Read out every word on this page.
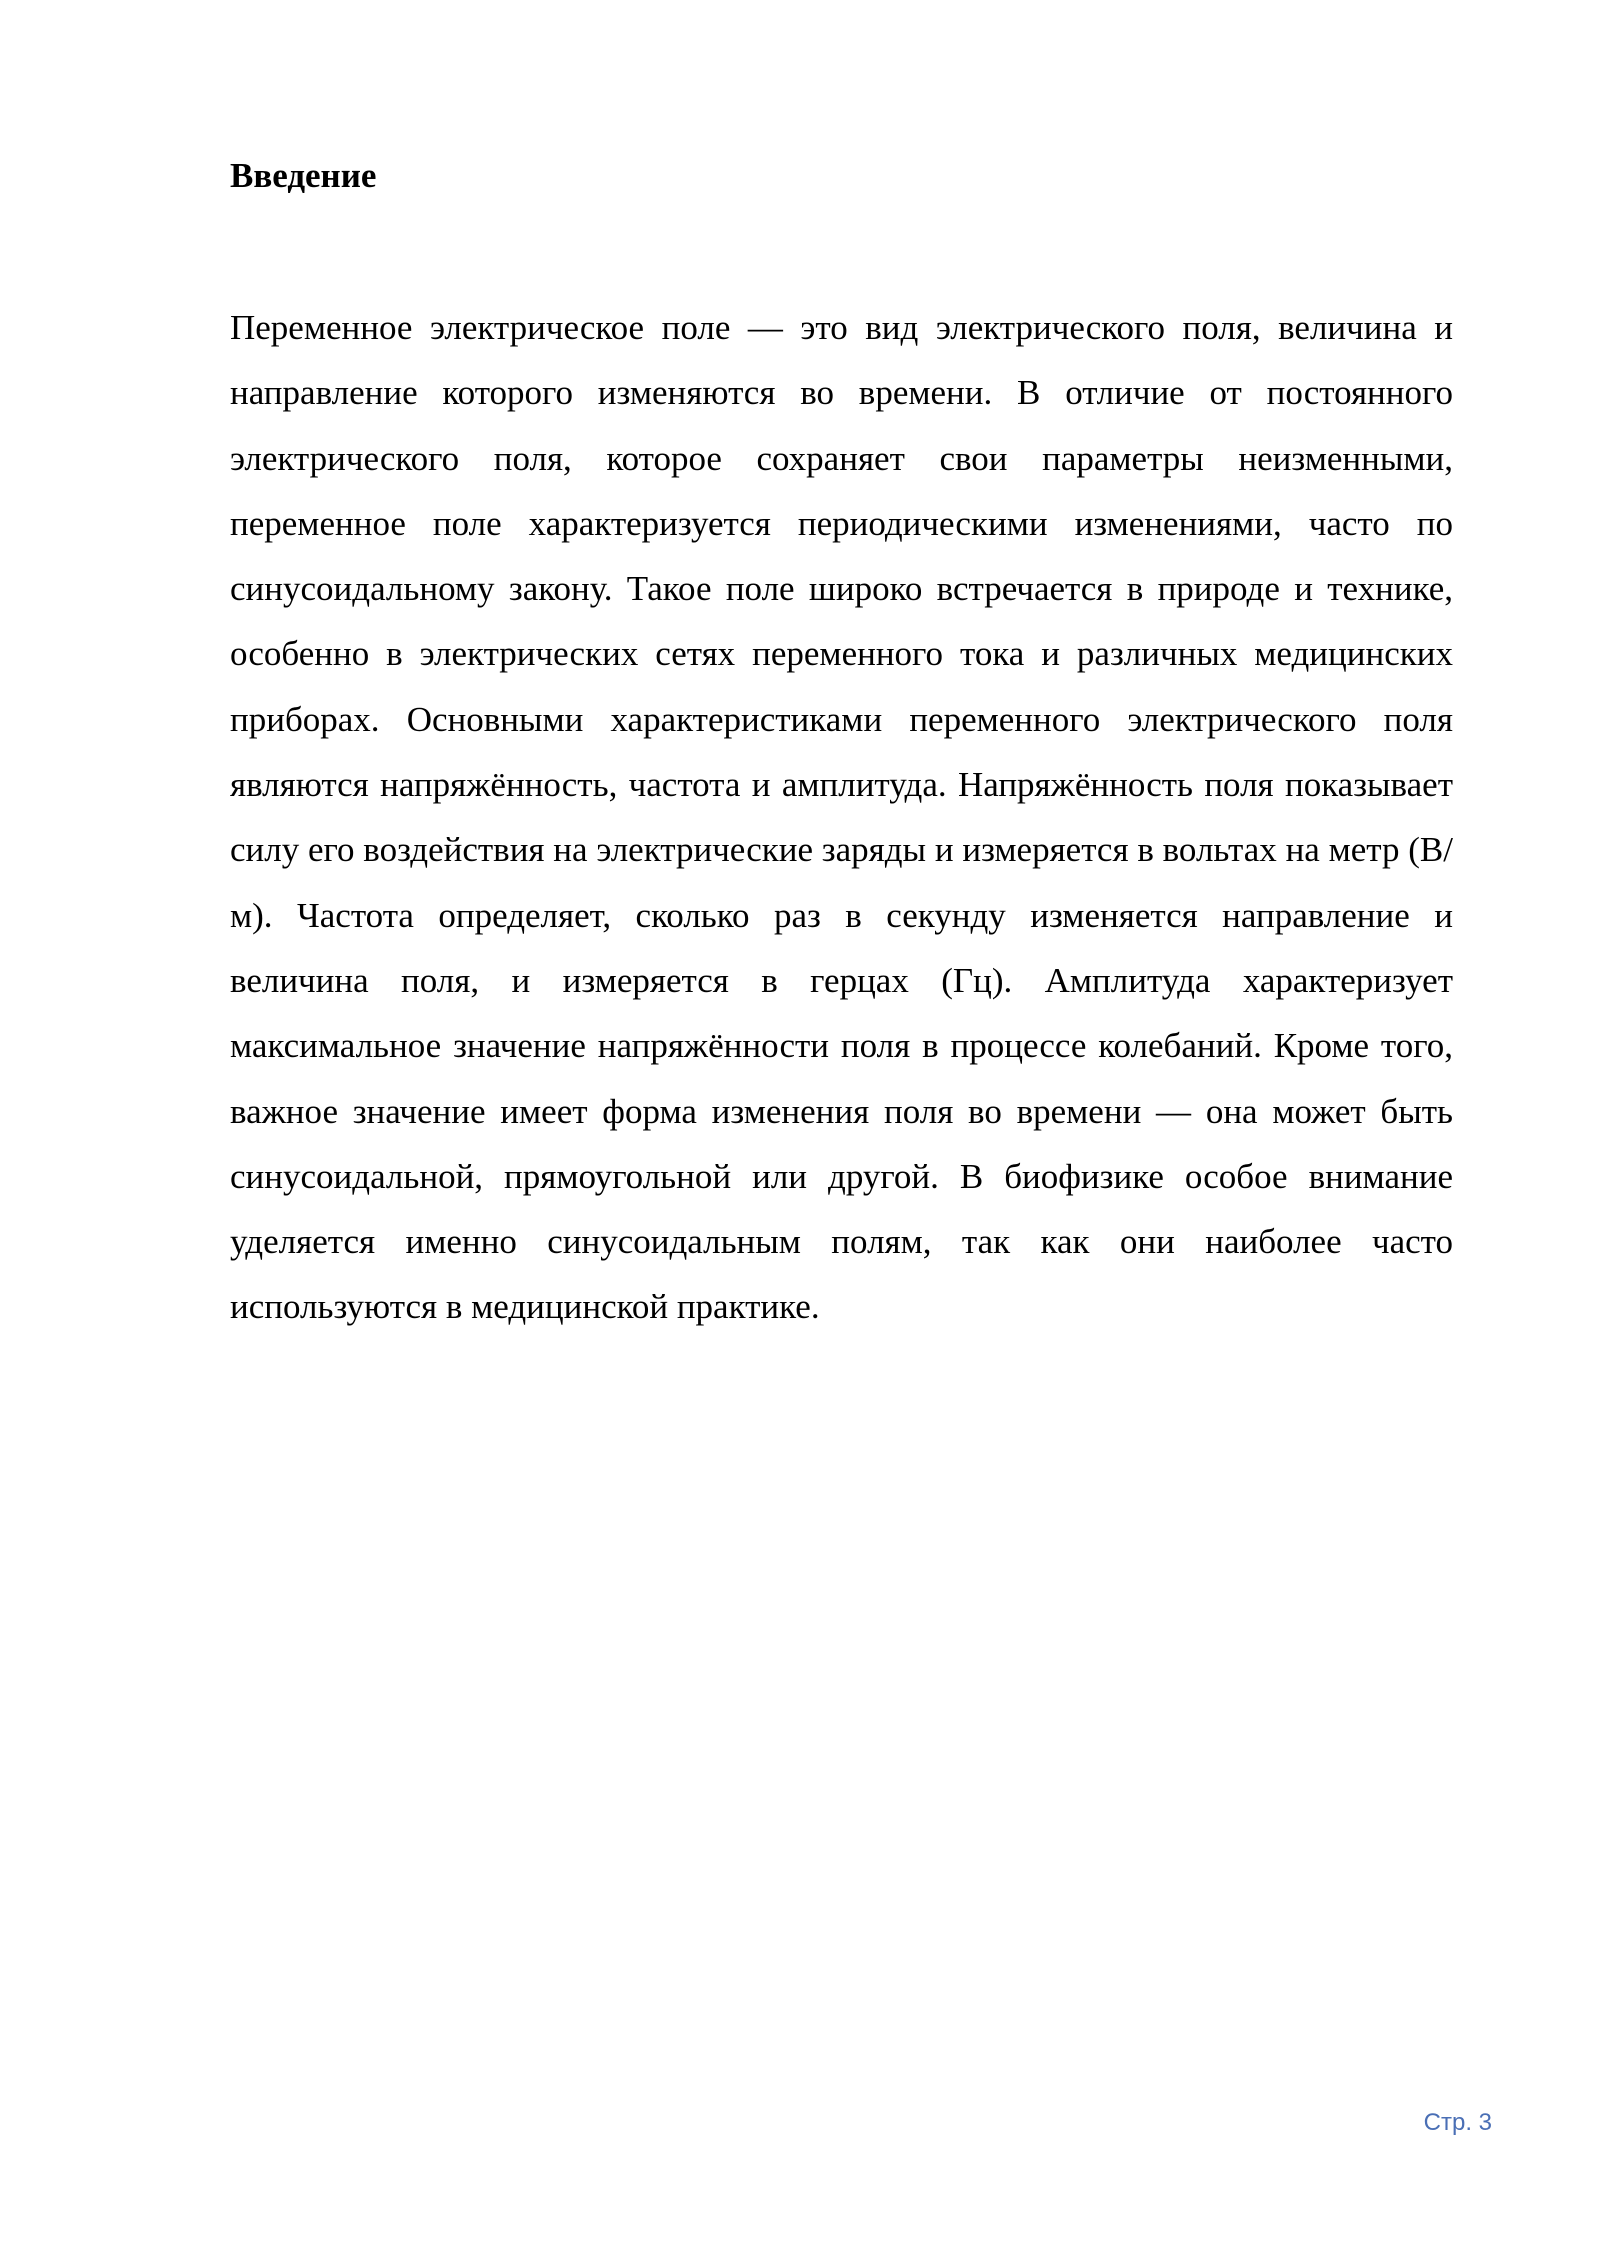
Введение

Переменное электрическое поле — это вид электрического поля, величина и направление которого изменяются во времени. В отличие от постоянного электрического поля, которое сохраняет свои параметры неизменными, переменное поле характеризуется периодическими изменениями, часто по синусоидальному закону. Такое поле широко встречается в природе и технике, особенно в электрических сетях переменного тока и различных медицинских приборах. Основными характеристиками переменного электрического поля являются напряжённость, частота и амплитуда. Напряжённость поля показывает силу его воздействия на электрические заряды и измеряется в вольтах на метр (В/м). Частота определяет, сколько раз в секунду изменяется направление и величина поля, и измеряется в герцах (Гц). Амплитуда характеризует максимальное значение напряжённости поля в процессе колебаний. Кроме того, важное значение имеет форма изменения поля во времени — она может быть синусоидальной, прямоугольной или другой. В биофизике особое внимание уделяется именно синусоидальным полям, так как они наиболее часто используются в медицинской практике.

Стр. 3
